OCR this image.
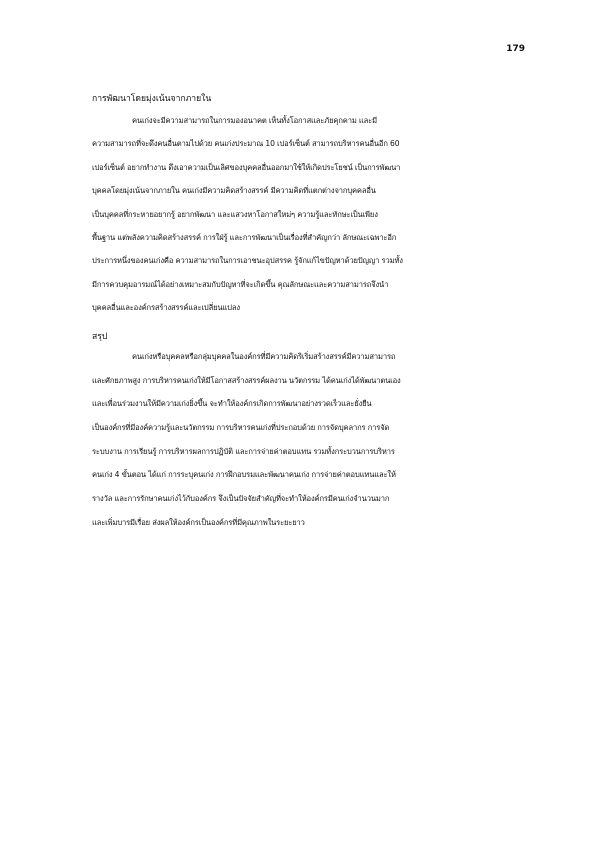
179
การพัฒนาโดยมุ่งเน้นจากภายใน
คนเก่งจะมีความสามารถในการมองอนาคต เห็นทั้งโอกาสและภัยคุกคาม และมี
ความสามารถที่จะดึงคนอื่นตามไปด้วย คนเก่งประมาณ 10 เปอร์เซ็นต์ สามารถบริหารคนอื่นอีก 60
เปอร์เซ็นต์ อยากทำงาน ดึงเอาความเป็นเลิศของบุคคลอื่นออกมาใช้ให้เกิดประโยชน์ เป็นการพัฒนา
บุคคลโดยมุ่งเน้นจากภายใน คนเก่งมีความคิดสร้างสรรค์ มีความคิดที่แตกต่างจากบุคคลอื่น
เป็นบุคคลที่กระหายอยากรู้ อยากพัฒนา และแสวงหาโอกาสใหม่ๆ ความรู้และทักษะเป็นเพียง
พื้นฐาน แต่พลังความคิดสร้างสรรค์ การใฝ่รู้ และการพัฒนาเป็นเรื่องที่สำคัญกว่า ลักษณะเฉพาะอีก
ประการหนึ่งของคนเก่งคือ ความสามารถในการเอาชนะอุปสรรค รู้จักแก้ไขปัญหาด้วยปัญญา รวมทั้ง
มีการควบคุมอารมณ์ได้อย่างเหมาะสมกับปัญหาที่จะเกิดขึ้น คุณลักษณะและความสามารถจึงนำ
บุคคลอื่นและองค์กรสร้างสรรค์และเปลี่ยนแปลง
สรุป
คนเก่งหรือบุคคลหรือกลุ่มบุคคลในองค์กรที่มีความคิดริเริ่มสร้างสรรค์มีความสามารถ
และศักยภาพสูง การบริหารคนเก่งให้มีโอกาสสร้างสรรค์ผลงาน นวัตกรรม ได้คนเก่งได้พัฒนาตนเอง
และเพื่อนร่วมงานให้มีความเก่งยิ่งขึ้น จะทำให้องค์กรเกิดการพัฒนาอย่างรวดเร็วและยั่งยืน
เป็นองค์กรที่มีองค์ความรู้และนวัตกรรม การบริหารคนเก่งที่ประกอบด้วย การจัดบุคลากร การจัด
ระบบงาน การเรียนรู้ การบริหารผลการปฏิบัติ และการจ่ายค่าตอบแทน รวมทั้งกระบวนการบริหาร
คนเก่ง 4 ขั้นตอน ได้แก่ การระบุคนเก่ง การฝึกอบรมและพัฒนาคนเก่ง การจ่ายค่าตอบแทนและให้
รางวัล และการรักษาคนเก่งไว้กับองค์กร จึงเป็นปัจจัยสำคัญที่จะทำให้องค์กรมีคนเก่งจำนวนมาก
และเพิ่มบารมีเรื่อย ส่งผลให้องค์กรเป็นองค์กรที่มีคุณภาพในระยะยาว
